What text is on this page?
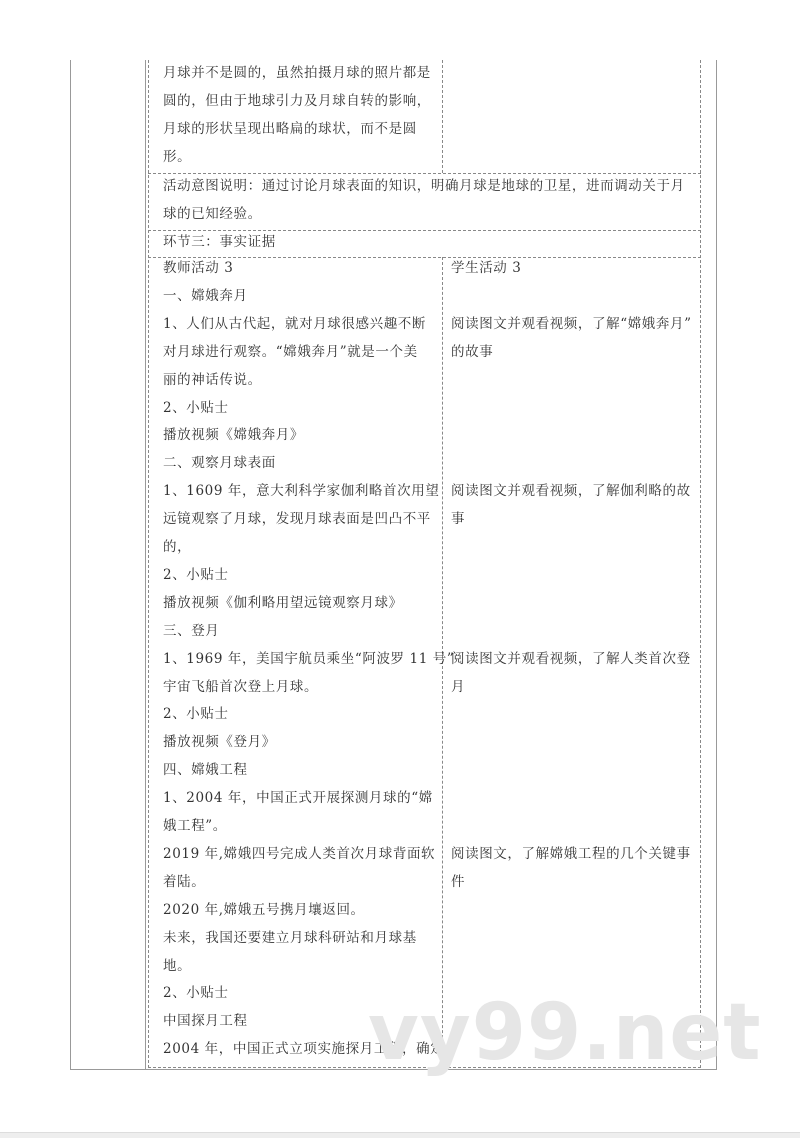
月球并不是圆的，虽然拍摄月球的照片都是
圆的，但由于地球引力及月球自转的影响，
月球的形状呈现出略扁的球状，而不是圆
形。
活动意图说明：通过讨论月球表面的知识，明确月球是地球的卫星，进而调动关于月
球的已知经验。
环节三：事实证据
教师活动 3
一、嫦娥奔月
1、人们从古代起，就对月球很感兴趣不断
对月球进行观察。“嫦娥奔月”就是一个美
丽的神话传说。
2、小贴士
播放视频《嫦娥奔月》
二、观察月球表面
1、1609 年，意大利科学家伽利略首次用望
远镜观察了月球，发现月球表面是凹凸不平
的，
2、小贴士
播放视频《伽利略用望远镜观察月球》
三、登月
1、1969 年，美国宇航员乘坐“阿波罗 11 号”
宇宙飞船首次登上月球。
2、小贴士
播放视频《登月》
四、嫦娥工程
1、2004 年，中国正式开展探测月球的“嫦
娥工程”。
2019 年,嫦娥四号完成人类首次月球背面软
着陆。
2020 年,嫦娥五号携月壤返回。
未来，我国还要建立月球科研站和月球基
地。
2、小贴士
中国探月工程
2004 年，中国正式立项实施探月工程，确定
学生活动 3
阅读图文并观看视频，了解“嫦娥奔月”
的故事
阅读图文并观看视频，了解伽利略的故
事
阅读图文并观看视频，了解人类首次登
月
阅读图文，了解嫦娥工程的几个关键事
件
vy99.net
